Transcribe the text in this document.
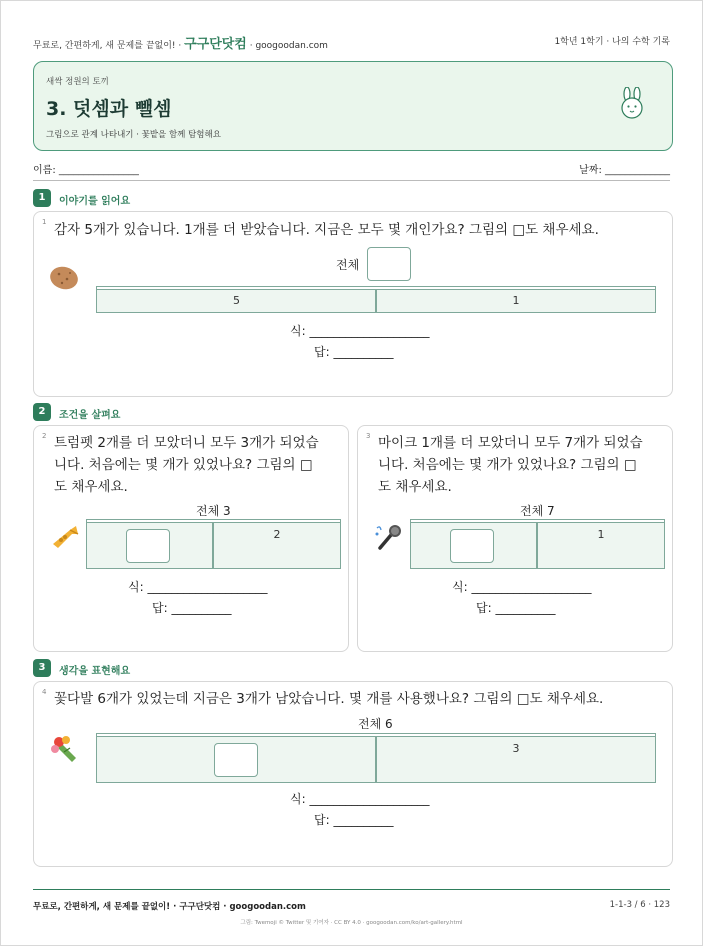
무료로, 간편하게, 새 문제를 끝없이! · 구구단닷컴 · googoodan.com	1학년 1학기 · 나의 수학 기록
새싹 정원의 토끼
3. 덧셈과 뺄셈
그림으로 관계 나타내기 · 꽃밭을 함께 탐험해요
이름: ________________	날짜: _____________
1	이야기를 읽어요
1 감자 5개가 있습니다. 1개를 더 받았습니다. 지금은 모두 몇 개인가요? 그림의 □도 채우세요.
전체
5	1
식: ____________________
답: __________
2	조건을 살펴요
2 트럼펫 2개를 더 모았더니 모두 3개가 되었습
니다. 처음에는 몇 개가 있었나요? 그림의 □
도 채우세요.
전체 3
2
식: ____________________
답: __________
3 마이크 1개를 더 모았더니 모두 7개가 되었습
니다. 처음에는 몇 개가 있었나요? 그림의 □
도 채우세요.
전체 7
1
식: ____________________
답: __________
3	생각을 표현해요
4 꽃다발 6개가 있었는데 지금은 3개가 남았습니다. 몇 개를 사용했나요? 그림의 □도 채우세요.
전체 6
3
식: ____________________
답: __________
무료로, 간편하게, 새 문제를 끝없이! · 구구단닷컴 · googoodan.com	1-1-3 / 6 · 123
그림: Twemoji © Twitter 및 기여자 · CC BY 4.0 · googoodan.com/ko/art-gallery.html
